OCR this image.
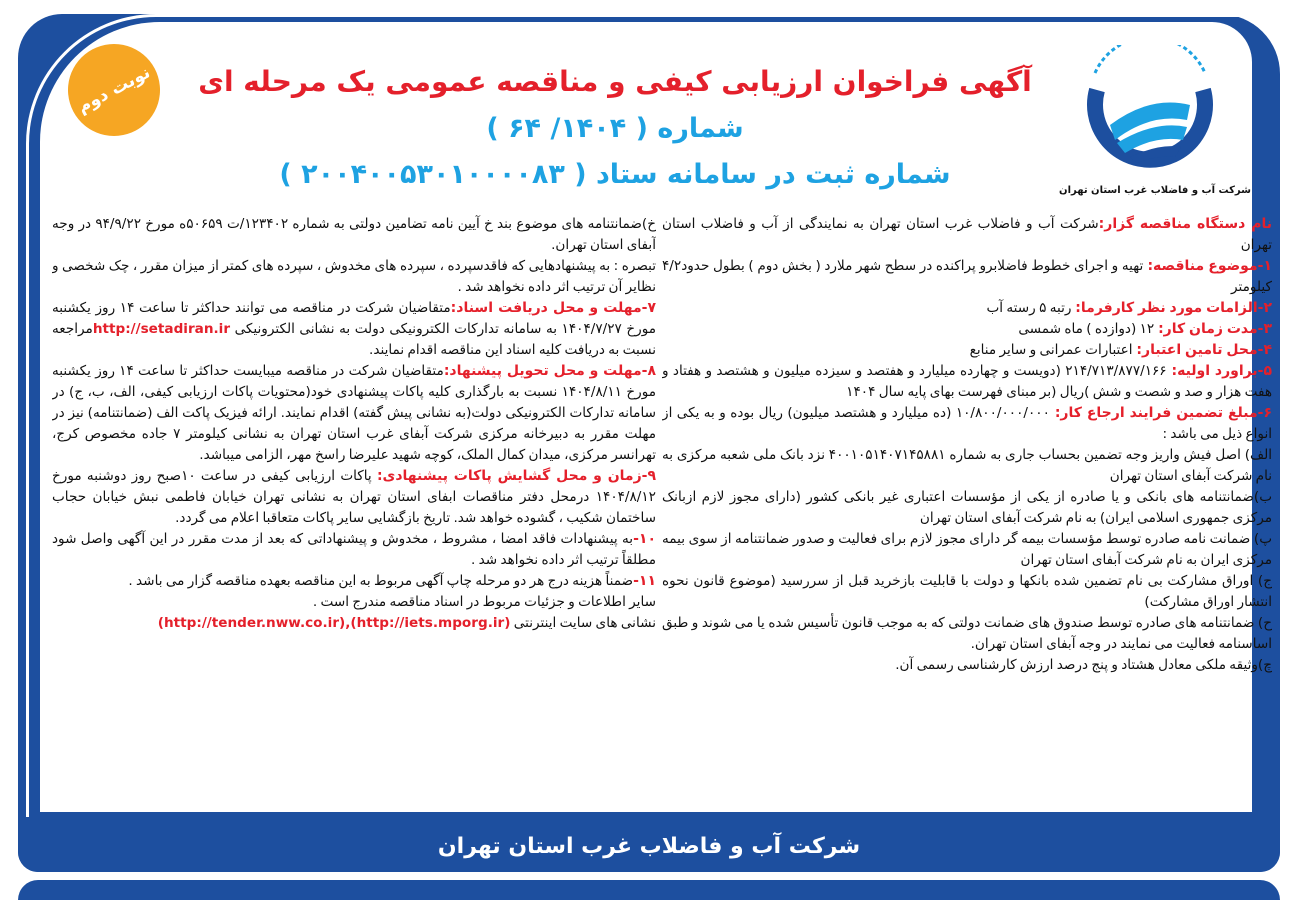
نوبت دوم
شرکت آب و فاضلاب غرب استان تهران
آگهی فراخوان ارزیابی کیفی و مناقصه عمومی یک مرحله ای
شماره ( ۱۴۰۴/ ۶۴ )
شماره ثبت در سامانه ستاد ( ۲۰۰۴۰۰۵۳۰۱۰۰۰۰۸۳ )

نام دستگاه مناقصه گزار:شرکت آب و فاضلاب غرب استان تهران به نمایندگی از آب و فاضلاب استان تهران

۱-موضوع مناقصه: تهیه و اجرای خطوط فاضلابرو پراکنده در سطح شهر ملارد ( بخش دوم ) بطول حدود۴/۲ کیلومتر

۲-الزامات مورد نظر کارفرما: رتبه ۵ رسته آب

۳-مدت زمان کار: ۱۲ (دوازده ) ماه شمسی

۴-محل تامین اعتبار: اعتبارات عمرانی و سایر منابع

۵-براورد اولیه: ۲۱۴/۷۱۳/۸۷۷/۱۶۶ (دویست و چهارده میلیارد و هفتصد و سیزده میلیون و هشتصد و هفتاد و هفت هزار و صد و شصت و شش )ریال (بر مبنای فهرست بهای پایه سال ۱۴۰۴

۶-مبلغ تضمین فرایند ارجاع کار: ۱۰/۸۰۰/۰۰۰/۰۰۰ (ده میلیارد و هشتصد میلیون) ریال بوده و به یکی از انواع ذیل می باشد :

الف) اصل فیش واریز وجه تضمین بحساب جاری به شماره ۴۰۰۱۰۵۱۴۰۷۱۴۵۸۸۱ نزد بانک ملی شعبه مرکزی به نام شرکت آبفای استان تهران

ب)ضمانتنامه های بانکی و یا صادره از یکی از مؤسسات اعتباری غیر بانکی کشور (دارای مجوز لازم ازبانک مرکزی جمهوری اسلامی ایران) به نام شرکت آبفای استان تهران

پ) ضمانت نامه صادره توسط مؤسسات بیمه گر دارای مجوز لازم برای فعالیت و صدور ضمانتنامه از سوی بیمه مرکزی ایران به نام شرکت آبفای استان تهران

ج) اوراق مشارکت بی نام تضمین شده بانکها و دولت با قابلیت بازخرید قبل از سررسید (موضوع قانون نحوه انتشار اوراق مشارکت)

ح) ضمانتنامه های صادره توسط صندوق های ضمانت دولتی که به موجب قانون تأسیس شده یا می شوند و طبق اساسنامه فعالیت می نمایند در وجه آبفای استان تهران.

چ)وثیقه ملکی معادل هشتاد و پنج درصد ارزش کارشناسی رسمی آن.

خ)ضمانتنامه های موضوع بند خ آیین نامه تضامین دولتی به شماره ۱۲۳۴۰۲/ت ۵۰۶۵۹ه مورخ ۹۴/۹/۲۲ در وجه آبفای استان تهران.

تبصره : به پیشنهادهایی که فاقدسپرده ، سپرده های مخدوش ، سپرده های کمتر از میزان مقرر ، چک شخصی و نظایر آن ترتیب اثر داده نخواهد شد .

۷-مهلت و محل دریافت اسناد:متقاضیان شرکت در مناقصه می توانند حداکثر تا ساعت ۱۴ روز یکشنبه مورخ ۱۴۰۴/۷/۲۷ به سامانه تدارکات الکترونیکی دولت به نشانی الکترونیکی http://setadiran.irمراجعه نسبت به دریافت کلیه اسناد این مناقصه اقدام نمایند.

۸-مهلت و محل تحویل پیشنهاد:متقاضیان شرکت در مناقصه میبایست حداکثر تا ساعت ۱۴ روز یکشنبه مورخ ۱۴۰۴/۸/۱۱ نسبت به بارگذاری کلیه پاکات پیشنهادی خود(محتویات پاکات ارزیابی کیفی، الف، ب، ج) در سامانه تدارکات الکترونیکی دولت(به نشانی پیش گفته) اقدام نمایند. ارائه فیزیک پاکت الف (ضمانتنامه) نیز در مهلت مقرر به دبیرخانه مرکزی شرکت آبفای غرب استان تهران به نشانی کیلومتر ۷ جاده مخصوص کرج، تهرانسر مرکزی، میدان کمال الملک، کوچه شهید علیرضا راسخ مهر، الزامی میباشد.

۹-زمان و محل گشایش پاکات پیشنهادی: پاکات ارزیابی کیفی در ساعت ۱۰صبح روز دوشنبه مورخ ۱۴۰۴/۸/۱۲ درمحل دفتر مناقصات ابفای استان تهران به نشانی تهران خیابان فاطمی نبش خیابان حجاب ساختمان شکیب ، گشوده خواهد شد. تاریخ بازگشایی سایر پاکات متعاقبا اعلام می گردد.

۱۰-به پیشنهادات فاقد امضا ، مشروط ، مخدوش و پیشنهاداتی که بعد از مدت مقرر در این آگهی واصل شود مطلقاً ترتیب اثر داده نخواهد شد .

۱۱-ضمناً هزینه درج هر دو مرحله چاپ آگهی مربوط به این مناقصه بعهده مناقصه گزار می باشد .

سایر اطلاعات و جزئیات مربوط در اسناد مناقصه مندرج است .

نشانی های سایت اینترنتی (http://tender.nww.co.ir),(http://iets.mporg.ir)

شرکت آب و فاضلاب غرب استان تهران
